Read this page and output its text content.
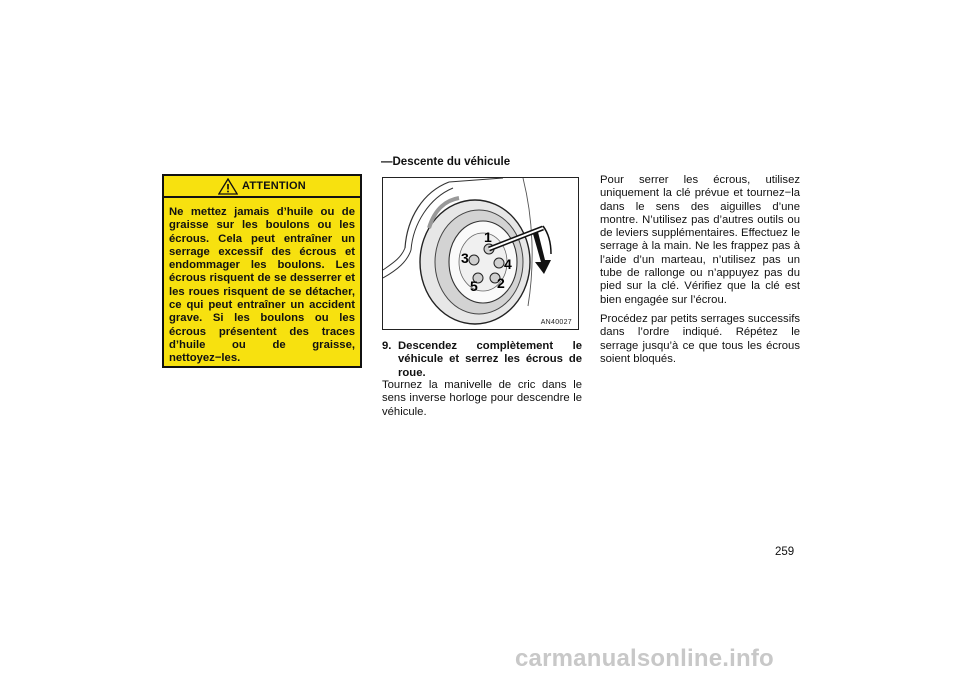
ATTENTION
Ne mettez jamais d’huile ou de graisse sur les boulons ou les écrous. Cela peut entraîner un serrage excessif des écrous et endommager les boulons. Les écrous risquent de se desserrer et les roues risquent de se détacher, ce qui peut entraîner un accident grave. Si les boulons ou les écrous présentent des traces d’huile ou de graisse, nettoyez−les.
—Descente du véhicule
1
4
2
5
3
AN40027
9. Descendez complètement le véhicule et serrez les écrous de roue.
Tournez la manivelle de cric dans le sens inverse horloge pour descendre le véhicule.

Pour serrer les écrous, utilisez uniquement la clé prévue et tournez−la dans le sens des aiguilles d’une montre. N’utilisez pas d’autres outils ou de leviers supplémentaires. Effectuez le serrage à la main. Ne les frappez pas à l’aide d’un marteau, n’utilisez pas un tube de rallonge ou n’appuyez pas du pied sur la clé. Vérifiez que la clé est bien engagée sur l’écrou.

Procédez par petits serrages successifs dans l’ordre indiqué. Répétez le serrage jusqu’à ce que tous les écrous soient bloqués.

259
carmanualsonline.info
